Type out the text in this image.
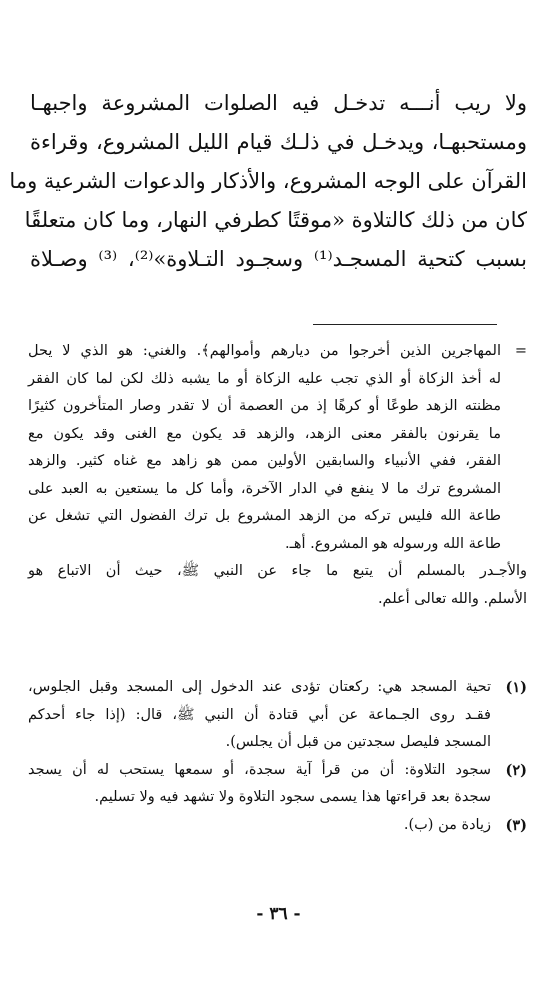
ولا ريب أنـــه تدخـل فيه الصلوات المشروعة واجبهـا
ومستحبهـا، ويدخـل في ذلـك قيام الليل المشروع، وقراءة
القرآن على الوجه المشروع، والأذكار والدعوات الشرعية وما
كان من ذلك كالتلاوة «موقتًا كطرفي النهار، وما كان متعلقًا
بسبب كتحية المسجـد⁽¹⁾ وسجـود التـلاوة»⁽²⁾، ⁽³⁾ وصـلاة
=
المهاجرين الذين أخرجوا من ديارهم وأموالهم﴾. والغني: هو الذي لا يحل
له أخذ الزكاة أو الذي تجب عليه الزكاة أو ما يشبه ذلك لكن لما كان الفقر
مظنته الزهد طوعًا أو كرهًا إذ من العصمة أن لا تقدر وصار المتأخرون كثيرًا
ما يقرنون بالفقر معنى الزهد، والزهد قد يكون مع الغنى وقد يكون مع
الفقر، ففي الأنبياء والسابقين الأولين ممن هو زاهد مع غناه كثير. والزهد
المشروع ترك ما لا ينفع في الدار الآخرة، وأما كل ما يستعين به العبد على
طاعة الله فليس تركه من الزهد المشروع بل ترك الفضول التي تشغل عن
طاعة الله ورسوله هو المشروع. أهـ.
والأجـدر بالمسلم أن يتبع ما جاء عن النبي ﷺ، حيث أن الاتباع هو
الأسلم. والله تعالى أعلم.
(١)
تحية المسجد هي: ركعتان تؤدى عند الدخول إلى المسجد وقبل الجلوس،
فقـد روى الجـماعة عن أبي قتادة أن النبي ﷺ، قال: (إذا جاء أحدكم
المسجد فليصل سجدتين من قبل أن يجلس).
(٢)
سجود التلاوة: أن من قرأ آية سجدة، أو سمعها يستحب له أن يسجد
سجدة بعد قراءتها هذا يسمى سجود التلاوة ولا تشهد فيه ولا تسليم.
(٣)
زيادة من (ب).
- ٣٦ -
